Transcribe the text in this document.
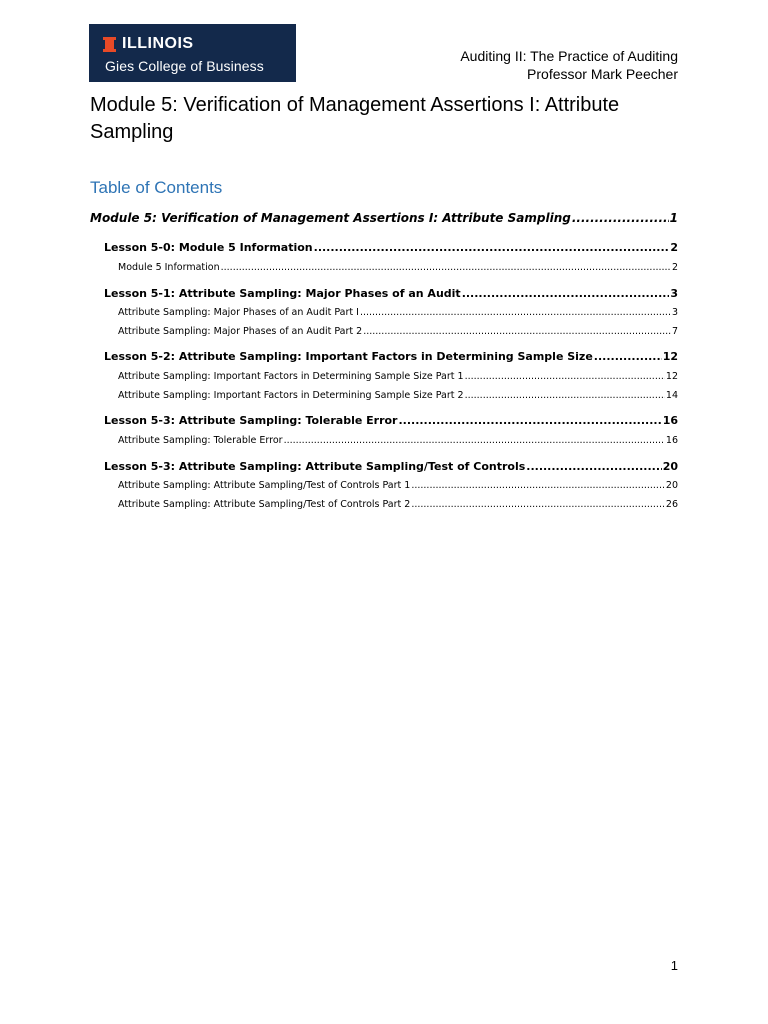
ILLINOIS
Gies College of Business
Auditing II: The Practice of Auditing
Professor Mark Peecher
Module 5: Verification of Management Assertions I: Attribute Sampling
Table of Contents
Module 5: Verification of Management Assertions I: Attribute Sampling .....	1
Lesson 5-0: Module 5 Information .....	2
Module 5 Information .....	2
Lesson 5-1: Attribute Sampling: Major Phases of an Audit .....	3
Attribute Sampling: Major Phases of an Audit Part I .....	3
Attribute Sampling: Major Phases of an Audit Part 2 .....	7
Lesson 5-2: Attribute Sampling: Important Factors in Determining Sample Size .....	12
Attribute Sampling: Important Factors in Determining Sample Size Part 1 .....	12
Attribute Sampling: Important Factors in Determining Sample Size Part 2 .....	14
Lesson 5-3: Attribute Sampling: Tolerable Error .....	16
Attribute Sampling: Tolerable Error .....	16
Lesson 5-3: Attribute Sampling: Attribute Sampling/Test of Controls .....	20
Attribute Sampling: Attribute Sampling/Test of Controls Part 1 .....	20
Attribute Sampling: Attribute Sampling/Test of Controls Part 2 .....	26
1
